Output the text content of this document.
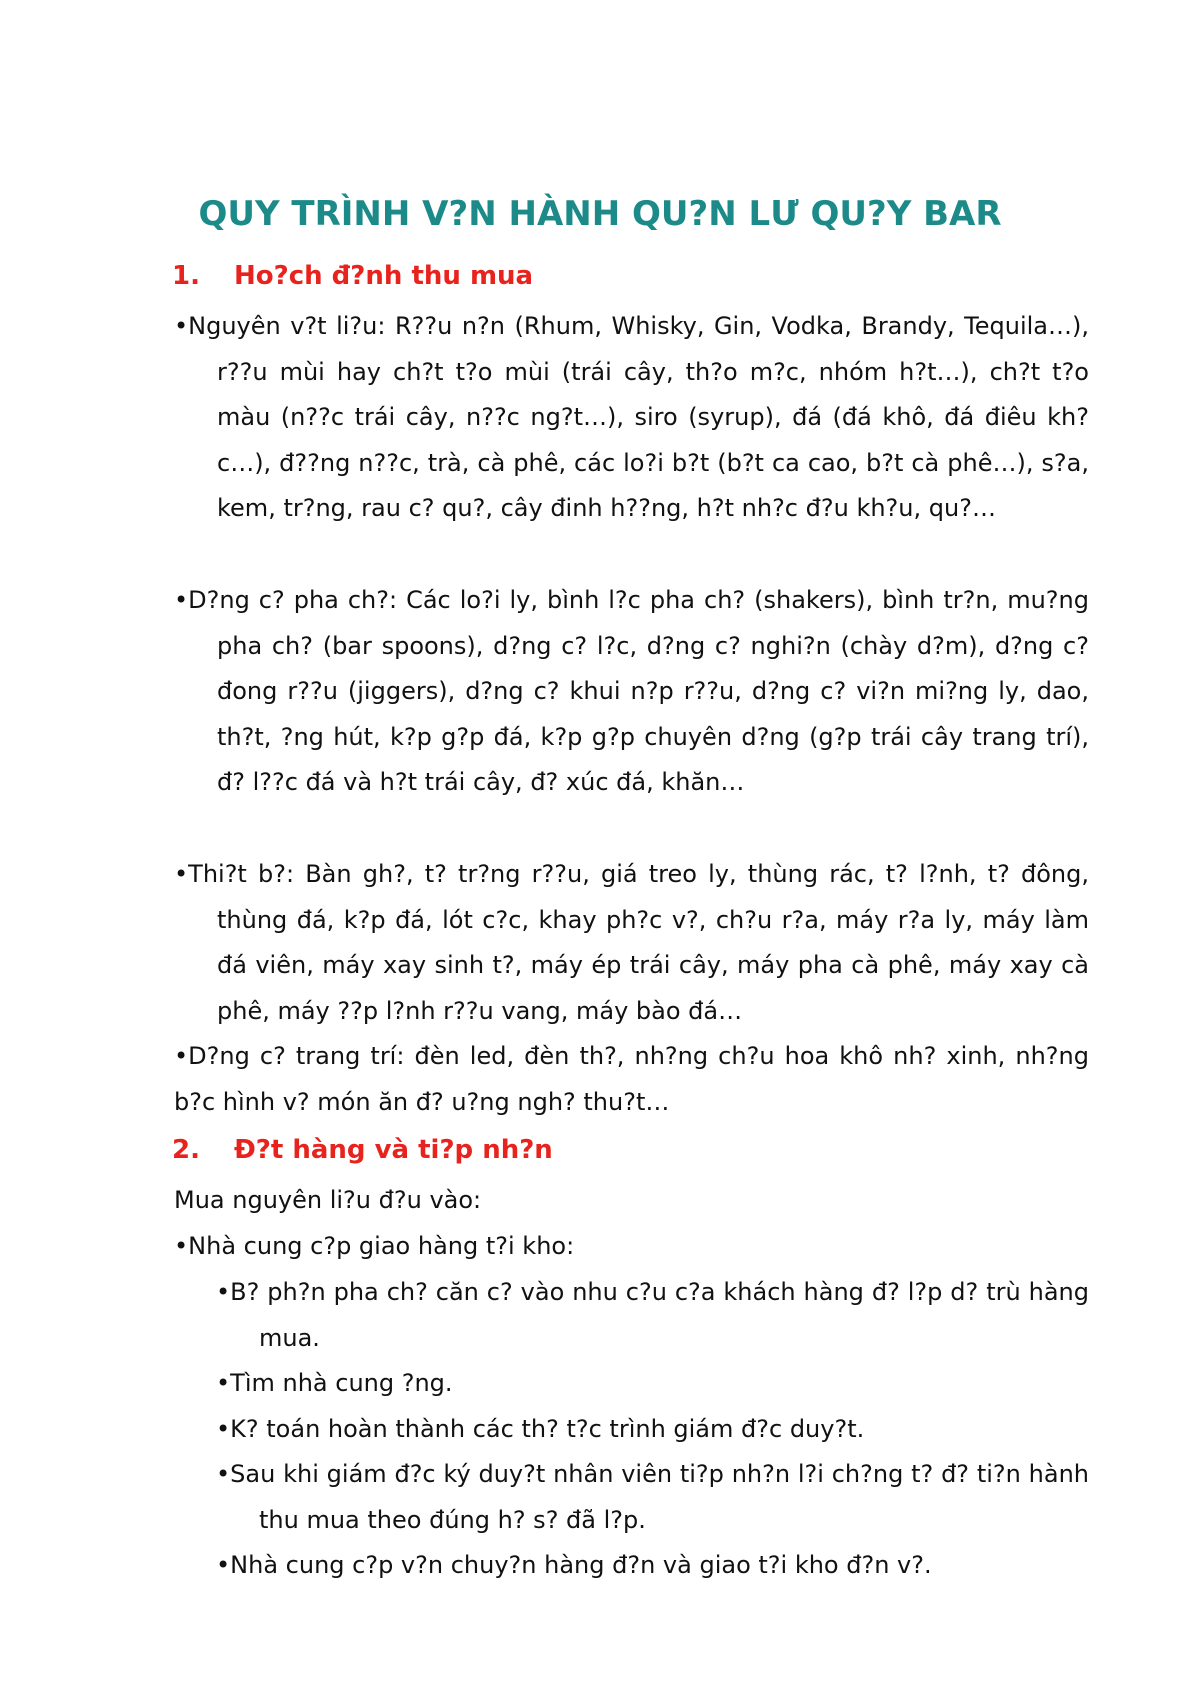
QUY TRÌNH V?N HÀNH QU?N LƯ QU?Y BAR
1. Ho?ch đ?nh thu mua

•Nguyên v?t li?u: R??u n?n (Rhum, Whisky, Gin, Vodka, Brandy, Tequila…), r??u mùi hay ch?t t?o mùi (trái cây, th?o m?c, nhóm h?t…), ch?t t?o màu (n??c trái cây, n??c ng?t…), siro (syrup), đá (đá khô, đá điêu kh?c…), đ??ng n??c, trà, cà phê, các lo?i b?t (b?t ca cao, b?t cà phê…), s?a, kem, tr?ng, rau c? qu?, cây đinh h??ng, h?t nh?c đ?u kh?u, qu?…

•D?ng c? pha ch?: Các lo?i ly, bình l?c pha ch? (shakers), bình tr?n, mu?ng pha ch? (bar spoons), d?ng c? l?c, d?ng c? nghi?n (chày d?m), d?ng c? đong r??u (jiggers), d?ng c? khui n?p r??u, d?ng c? vi?n mi?ng ly, dao, th?t, ?ng hút, k?p g?p đá, k?p g?p chuyên d?ng (g?p trái cây trang trí), đ? l??c đá và h?t trái cây, đ? xúc đá, khăn…

•Thi?t b?: Bàn gh?, t? tr?ng r??u, giá treo ly, thùng rác, t? l?nh, t? đông, thùng đá, k?p đá, lót c?c, khay ph?c v?, ch?u r?a, máy r?a ly, máy làm đá viên, máy xay sinh t?, máy ép trái cây, máy pha cà phê, máy xay cà phê, máy ??p l?nh r??u vang, máy bào đá…

•D?ng c? trang trí: đèn led, đèn th?, nh?ng ch?u hoa khô nh? xinh, nh?ng b?c hình v? món ăn đ? u?ng ngh? thu?t…

2. Đ?t hàng và ti?p nh?n

Mua nguyên li?u đ?u vào:

•Nhà cung c?p giao hàng t?i kho:

•B? ph?n pha ch? căn c? vào nhu c?u c?a khách hàng đ? l?p d? trù hàng mua.

•Tìm nhà cung ?ng.

•K? toán hoàn thành các th? t?c trình giám đ?c duy?t.

•Sau khi giám đ?c ký duy?t nhân viên ti?p nh?n l?i ch?ng t? đ? ti?n hành thu mua theo đúng h? s? đã l?p.

•Nhà cung c?p v?n chuy?n hàng đ?n và giao t?i kho đ?n v?.
